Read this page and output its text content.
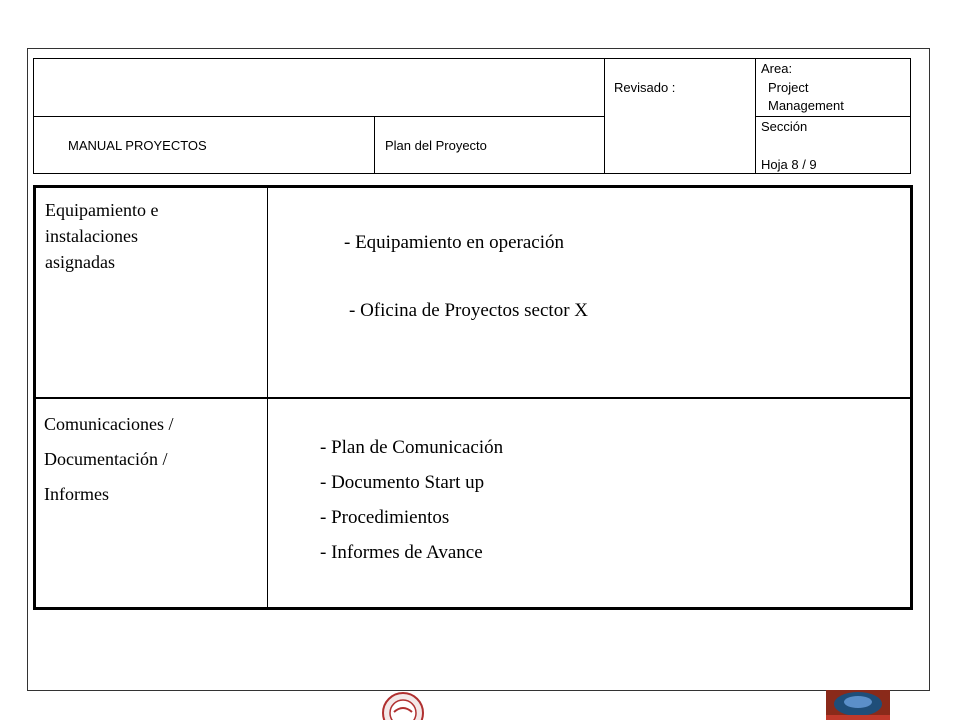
MANUAL PROYECTOS	Plan del Proyecto
Revisado :
Area:
Project
Management
Sección
Hoja 8 / 9
Equipamiento e
instalaciones
asignadas
- Equipamiento en operación
- Oficina de Proyectos sector X
Comunicaciones /
Documentación /
Informes
- Plan de Comunicación
- Documento Start up
- Procedimientos
- Informes de Avance
